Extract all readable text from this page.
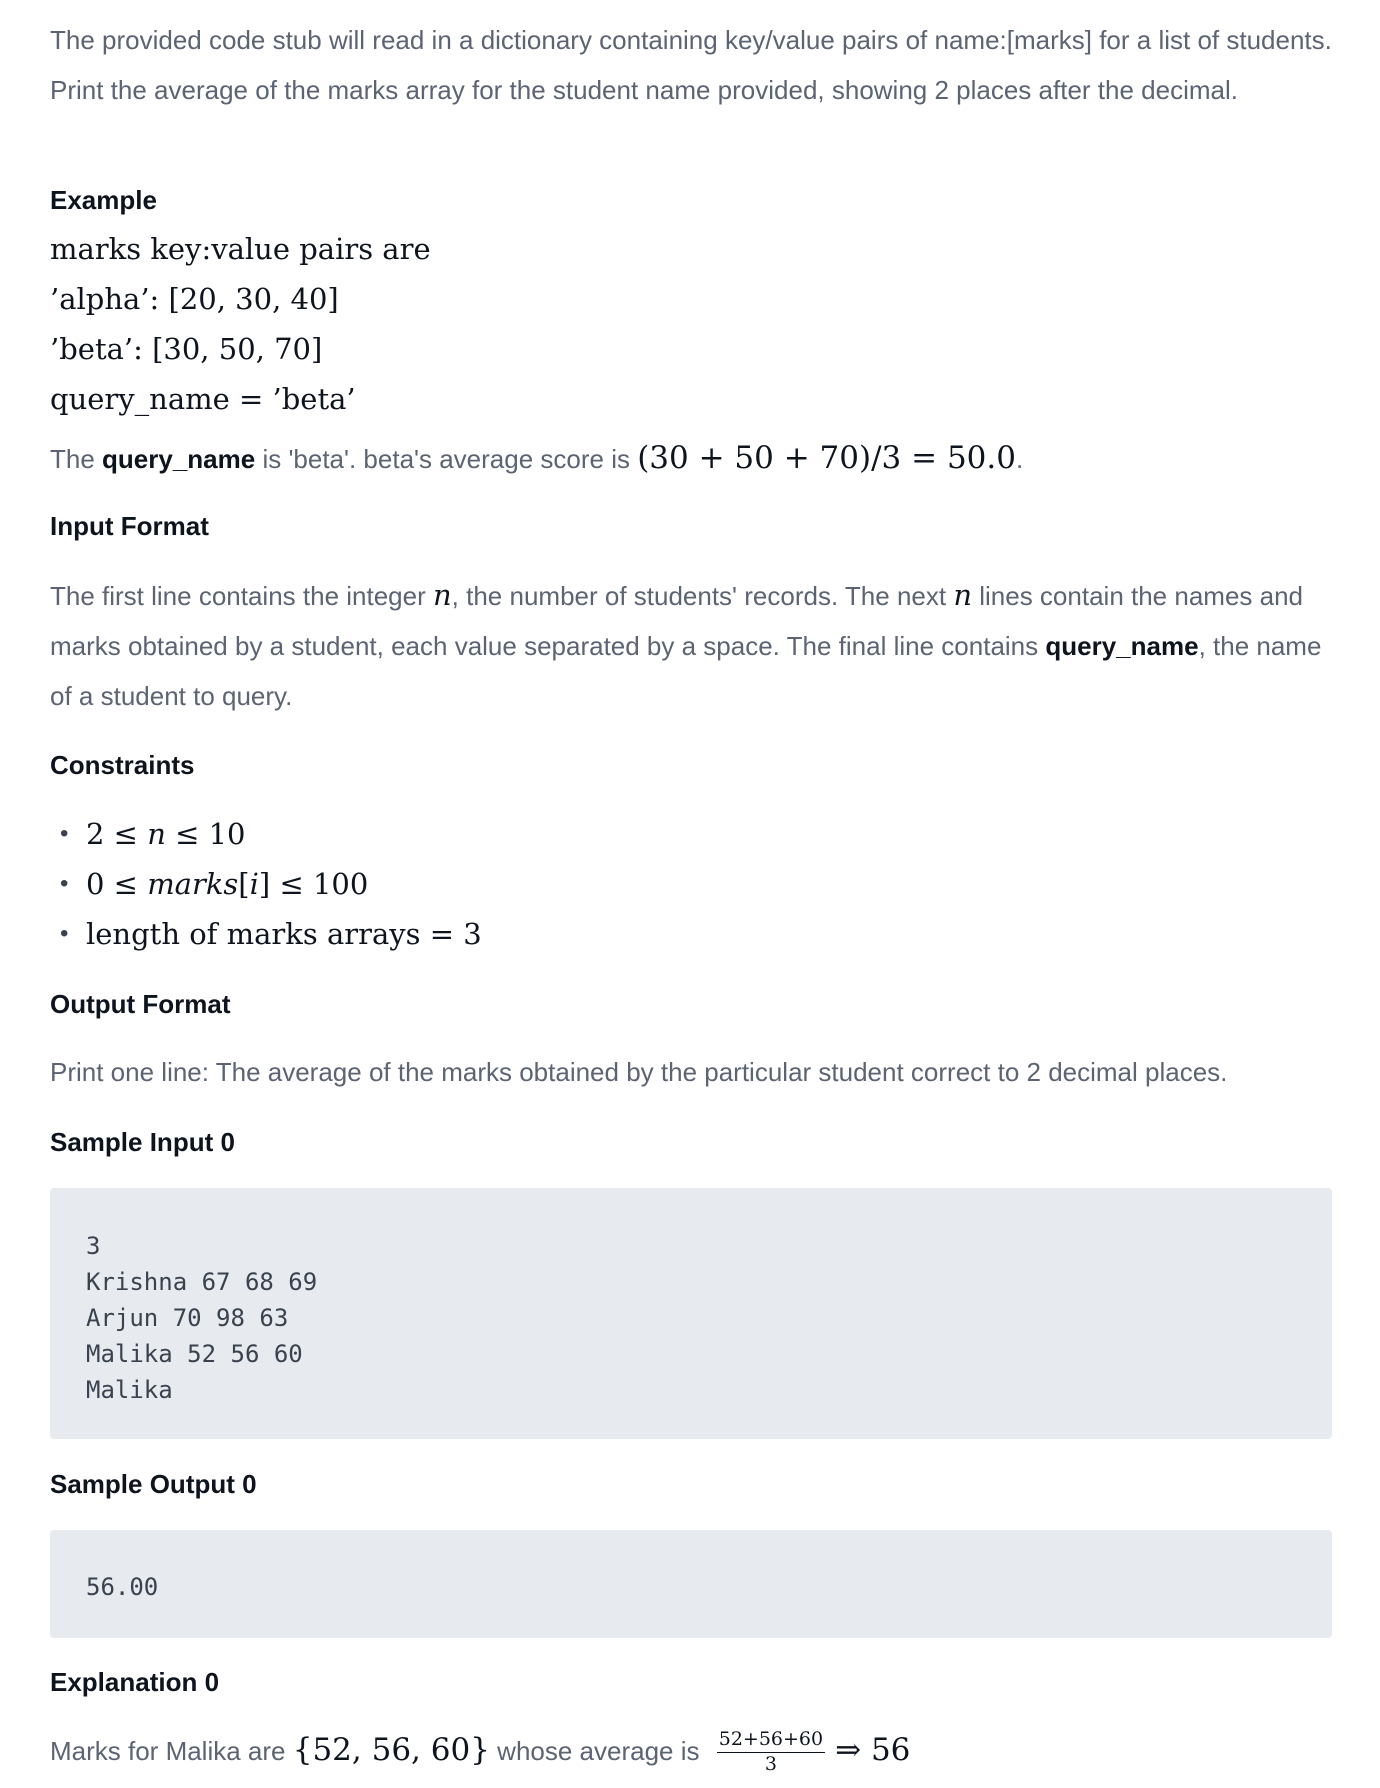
The provided code stub will read in a dictionary containing key/value pairs of name:[marks] for a list of students. Print the average of the marks array for the student name provided, showing 2 places after the decimal.

Example

marks key:value pairs are

’alpha’: [20, 30, 40]

’beta’: [30, 50, 70]

query_name = ’beta’

The query_name is 'beta'. beta's average score is (30 + 50 + 70)/3 = 50.0.

Input Format

The first line contains the integer n, the number of students' records. The next n lines contain the names and marks obtained by a student, each value separated by a space. The final line contains query_name, the name of a student to query.

Constraints
• 2 ≤ n ≤ 10
• 0 ≤ marks[i] ≤ 100
• length of marks arrays = 3
Output Format

Print one line: The average of the marks obtained by the particular student correct to 2 decimal places.

Sample Input 0
3
Krishna 67 68 69
Arjun 70 98 63
Malika 52 56 60
Malika
Sample Output 0
56.00
Explanation 0

Marks for Malika are {52, 56, 60} whose average is $\frac{52+56+60}{3}$ ⇒ 56
